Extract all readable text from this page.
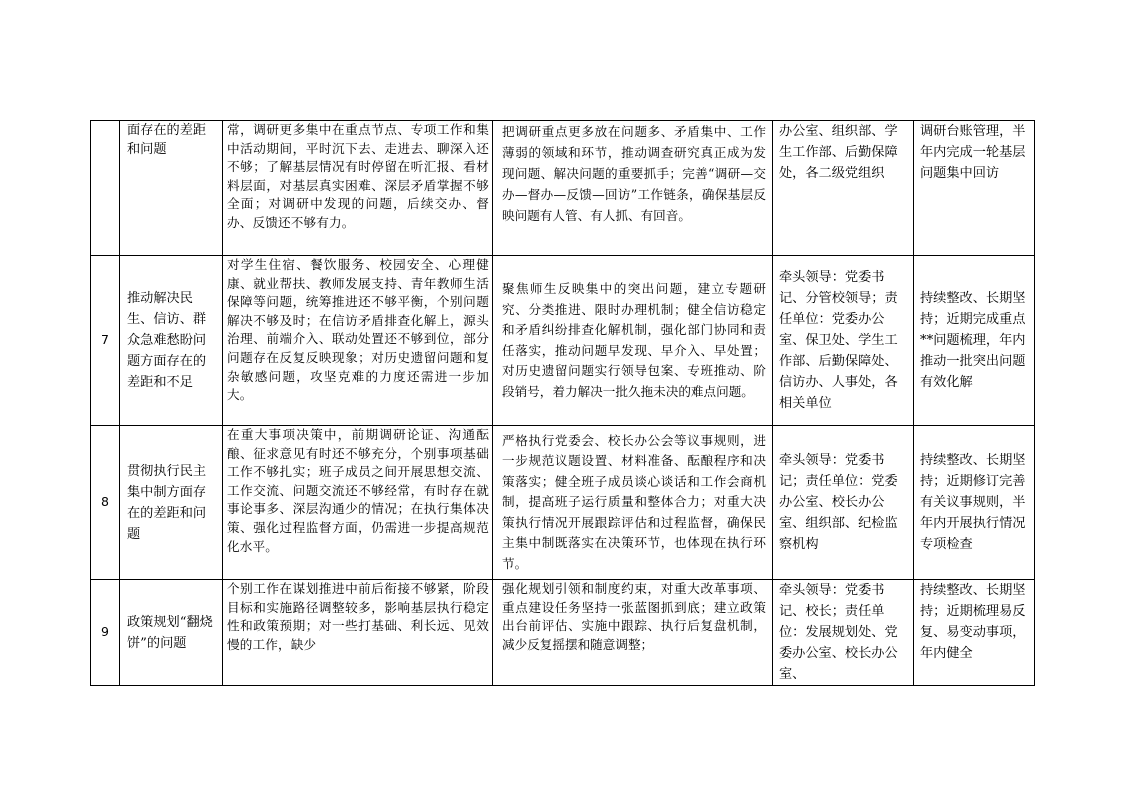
	面存在的差距和问题	常，调研更多集中在重点节点、专项工作和集中活动期间，平时沉下去、走进去、聊深入还不够；了解基层情况有时停留在听汇报、看材料层面，对基层真实困难、深层矛盾掌握不够全面；对调研中发现的问题，后续交办、督办、反馈还不够有力。	把调研重点更多放在问题多、矛盾集中、工作薄弱的领域和环节，推动调查研究真正成为发现问题、解决问题的重要抓手；完善“调研—交办—督办—反馈—回访”工作链条，确保基层反映问题有人管、有人抓、有回音。	办公室、组织部、学生工作部、后勤保障处，各二级党组织	调研台账管理，半年内完成一轮基层问题集中回访
7	推动解决民生、信访、群众急难愁盼问题方面存在的差距和不足	对学生住宿、餐饮服务、校园安全、心理健康、就业帮扶、教师发展支持、青年教师生活保障等问题，统筹推进还不够平衡，个别问题解决不够及时；在信访矛盾排查化解上，源头治理、前端介入、联动处置还不够到位，部分问题存在反复反映现象；对历史遗留问题和复杂敏感问题，攻坚克难的力度还需进一步加大。	聚焦师生反映集中的突出问题，建立专题研究、分类推进、限时办理机制；健全信访稳定和矛盾纠纷排查化解机制，强化部门协同和责任落实，推动问题早发现、早介入、早处置；对历史遗留问题实行领导包案、专班推动、阶段销号，着力解决一批久拖未决的难点问题。	牵头领导：党委书记、分管校领导；责任单位：党委办公室、保卫处、学生工作部、后勤保障处、信访办、人事处，各相关单位	持续整改、长期坚持；近期完成重点**问题梳理，年内推动一批突出问题有效化解
8	贯彻执行民主集中制方面存在的差距和问题	在重大事项决策中，前期调研论证、沟通酝酿、征求意见有时还不够充分，个别事项基础工作不够扎实；班子成员之间开展思想交流、工作交流、问题交流还不够经常，有时存在就事论事多、深层沟通少的情况；在执行集体决策、强化过程监督方面，仍需进一步提高规范化水平。	严格执行党委会、校长办公会等议事规则，进一步规范议题设置、材料准备、酝酿程序和决策落实；健全班子成员谈心谈话和工作会商机制，提高班子运行质量和整体合力；对重大决策执行情况开展跟踪评估和过程监督，确保民主集中制既落实在决策环节，也体现在执行环节。	牵头领导：党委书记；责任单位：党委办公室、校长办公室、组织部、纪检监察机构	持续整改、长期坚持；近期修订完善有关议事规则，半年内开展执行情况专项检查
9	政策规划“翻烧饼”的问题	个别工作在谋划推进中前后衔接不够紧，阶段目标和实施路径调整较多，影响基层执行稳定性和政策预期；对一些打基础、利长远、见效慢的工作，缺少	强化规划引领和制度约束，对重大改革事项、重点建设任务坚持一张蓝图抓到底；建立政策出台前评估、实施中跟踪、执行后复盘机制，减少反复摇摆和随意调整；	牵头领导：党委书记、校长；责任单位：发展规划处、党委办公室、校长办公室、	持续整改、长期坚持；近期梳理易反复、易变动事项，年内健全
